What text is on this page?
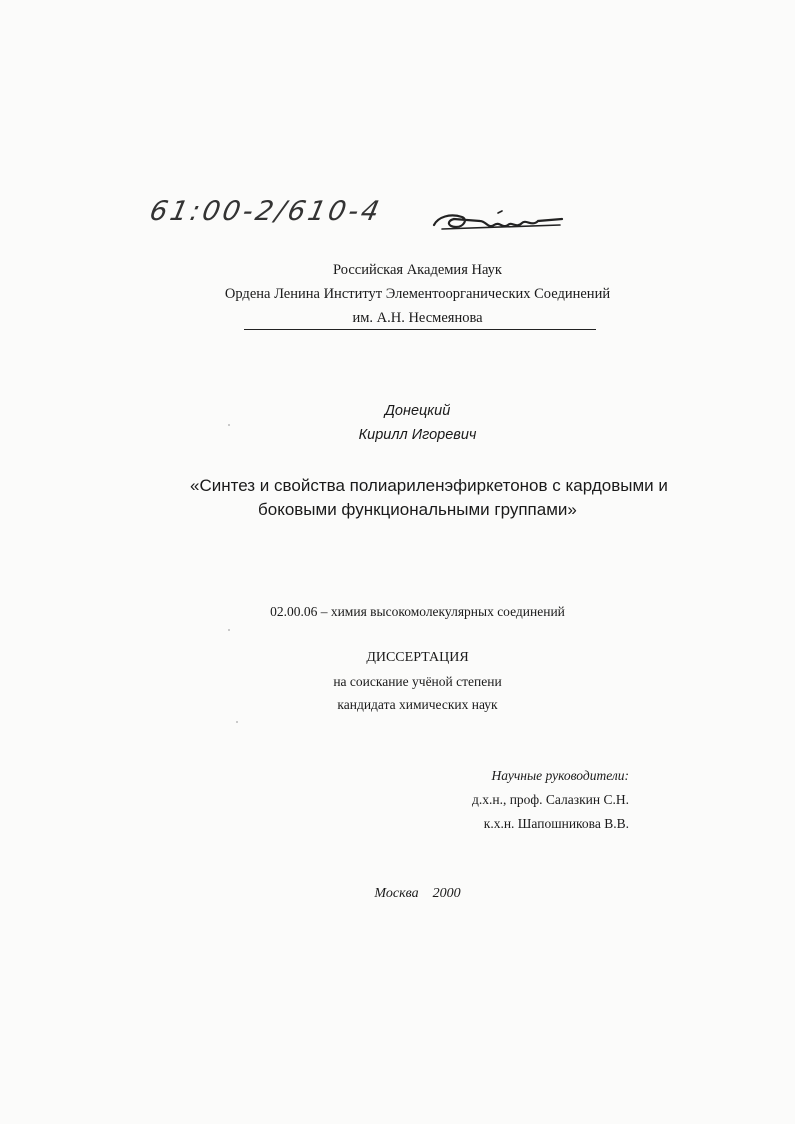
61:00-2/610-4
Российская Академия Наук
Ордена Ленина Институт Элементоорганических Соединений
им. А.Н. Несмеянова
Донецкий
Кирилл Игоревич
«Синтез и свойства полиариленэфиркетонов с кардовыми и
боковыми функциональными группами»
02.00.06 – химия высокомолекулярных соединений
ДИССЕРТАЦИЯ
на соискание учёной степени
кандидата химических наук
Научные руководители:
д.х.н., проф. Салазкин С.Н.
к.х.н. Шапошникова В.В.
Москва    2000
